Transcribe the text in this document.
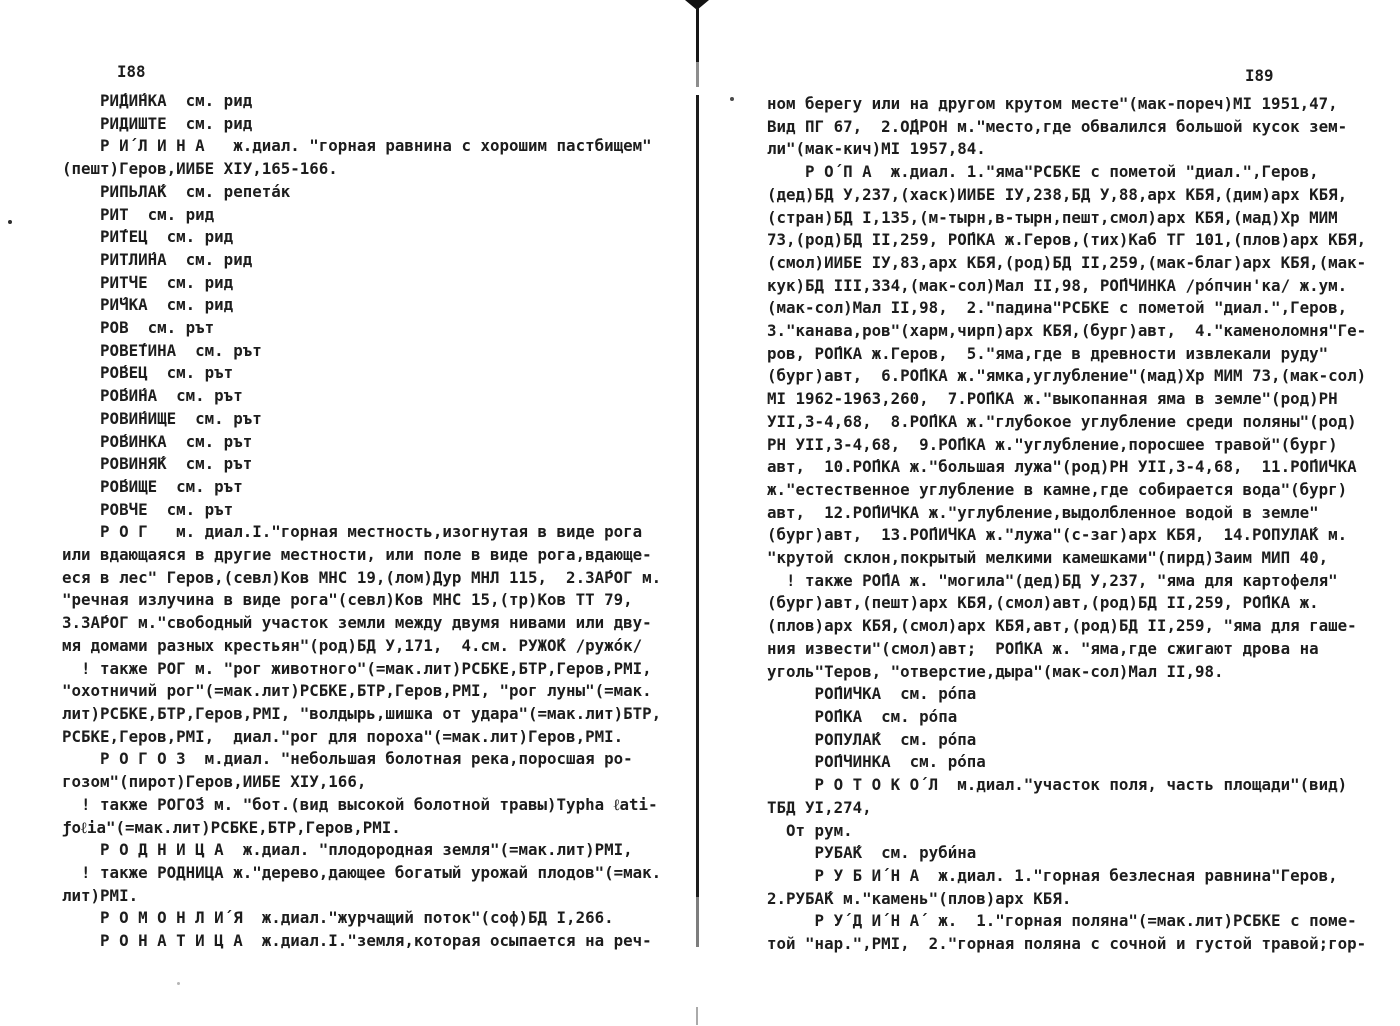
I88
РИ́ДИ́НКА  см. рид
РИДИШТЕ  см. рид
Р И́ Л И Н А   ж.диал. "горная равнина с хорошим пастбищем"
(пешт)Геров,ИИБЕ ХIУ,165-166.
РИПЬЛА́К  см. репета́к
РИТ  см. рид
РИ́ТЕЦ  см. рид
РИТЛИ́НА  см. рид
РИТЧЕ  см. рид
РИ́ЧКА  см. рид
РОВ  см. рът
РОВЕ́ТИНА  см. рът
РО́ВЕЦ  см. рът
РО́ВИ́НА  см. рът
РОВИ́НИЩЕ  см. рът
РО́ВИНКА  см. рът
РОВИНЯ́К  см. рът
РО́ВИЩЕ  см. рът
РОВЧЕ  см. рът
Р О Г   м. диал.I."горная местность,изогнутая в виде рога
или вдающаяся в другие местности, или поле в виде рога,вдающе-
еся в лес" Геров,(севл)Ков МНС 19,(лом)Дур МНЛ 115,  2.ЗА́РОГ м.
"речная излучина в виде рога"(севл)Ков МНС 15,(тр)Ков ТТ 79,
3.ЗА́РОГ м."свободный участок земли между двумя нивами или дву-
мя домами разных крестьян"(род)БД У,171,  4.см. РУЖО́К /ружо́к/
! также РОГ м. "рог животного"(=мак.лит)РСБКЕ,БТР,Геров,РМI,
"охотничий рог"(=мак.лит)РСБКЕ,БТР,Геров,РМI, "рог луны"(=мак.
лит)РСБКЕ,БТР,Геров,РМI, "волдырь,шишка от удара"(=мак.лит)БТР,
РСБКЕ,Геров,РМI,  диал."рог для пороха"(=мак.лит)Геров,РМI.
Р О Г О З  м.диал. "небольшая болотная река,поросшая ро-
гозом"(пирот)Геров,ИИБЕ ХIУ,166,
! также РОГО́З м. "бот.(вид высокой болотной травы)Typha ℓati-
ƒoℓia"(=мак.лит)РСБКЕ,БТР,Геров,РМI.
Р О Д Н И Ц А  ж.диал. "плодородная земля"(=мак.лит)РМI,
! также РОДНИЦА ж."дерево,дающее богатый урожай плодов"(=мак.
лит)РМI.
Р О М О Н Л И́ Я  ж.диал."журчащий поток"(соф)БД I,266.
Р О Н А Т И Ц А  ж.диал.I."земля,которая осыпается на реч-
I89
ном берегу или на другом крутом месте"(мак-пореч)МI 1951,47,
Вид ПГ 67,  2.О́ДРОН м."место,где обвалился большой кусок зем-
ли"(мак-кич)МI 1957,84.
Р О́ П А  ж.диал. 1."яма"РСБКЕ с пометой "диал.",Геров,
(дед)БД У,237,(хаск)ИИБЕ IУ,238,БД У,88,арх КБЯ,(дим)арх КБЯ,
(стран)БД I,135,(м-тырн,в-тырн,пешт,смол)арх КБЯ,(мад)Хр МИМ
73,(род)БД II,259, РО́ПКА ж.Геров,(тих)Каб ТГ 101,(плов)арх КБЯ,
(смол)ИИБЕ IУ,83,арх КБЯ,(род)БД II,259,(мак-благ)арх КБЯ,(мак-
кук)БД III,334,(мак-сол)Мал II,98, РО́ПЧИНКА /ро́пчин'ка/ ж.ум.
(мак-сол)Мал II,98,  2."падина"РСБКЕ с пометой "диал.",Геров,
3."канава,ров"(харм,чирп)арх КБЯ,(бург)авт,  4."каменоломня"Ге-
ров, РО́ПКА ж.Геров,  5."яма,где в древности извлекали руду"
(бург)авт,  6.РО́ПКА ж."ямка,углубление"(мад)Хр МИМ 73,(мак-сол)
МI 1962-1963,260,  7.РО́ПКА ж."выкопанная яма в земле"(род)РН
УII,3-4,68,  8.РО́ПКА ж."глубокое углубление среди поляны"(род)
РН УII,3-4,68,  9.РО́ПКА ж."углубление,поросшее травой"(бург)
авт,  10.РО́ПКА ж."большая лужа"(род)РН УII,3-4,68,  11.РО́ПИЧКА
ж."естественное углубление в камне,где собирается вода"(бург)
авт,  12.РО́ПИЧКА ж."углубление,выдолбленное водой в земле"
(бург)авт,  13.РО́ПИЧКА ж."лужа"(с-заг)арх КБЯ,  14.РОПУЛА́К м.
"крутой склон,покрытый мелкими камешками"(пирд)Заим МИП 40,
! также РО́ПА ж. "могила"(дед)БД У,237, "яма для картофеля"
(бург)авт,(пешт)арх КБЯ,(смол)авт,(род)БД II,259, РО́ПКА ж.
(плов)арх КБЯ,(смол)арх КБЯ,авт,(род)БД II,259, "яма для гаше-
ния извести"(смол)авт;  РО́ПКА ж. "яма,где сжигают дрова на
уголь"Теров, "отверстие,дыра"(мак-сол)Мал II,98.
РО́ПИЧКА  см. ро́па
РО́ПКА  см. ро́па
РОПУЛА́К  см. ро́па
РО́ПЧИНКА  см. ро́па
Р О Т О К О́ Л  м.диал."участок поля, часть площади"(вид)
ТБД УI,274,
От рум.
РУБА́К  см. руби́на
Р У Б И́ Н А  ж.диал. 1."горная безлесная равнина"Геров,
2.РУБА́К м."камень"(плов)арх КБЯ.
Р У́ Д И́ Н А́  ж.  1."горная поляна"(=мак.лит)РСБКЕ с поме-
той "нар.",РМI,  2."горная поляна с сочной и густой травой;гор-
